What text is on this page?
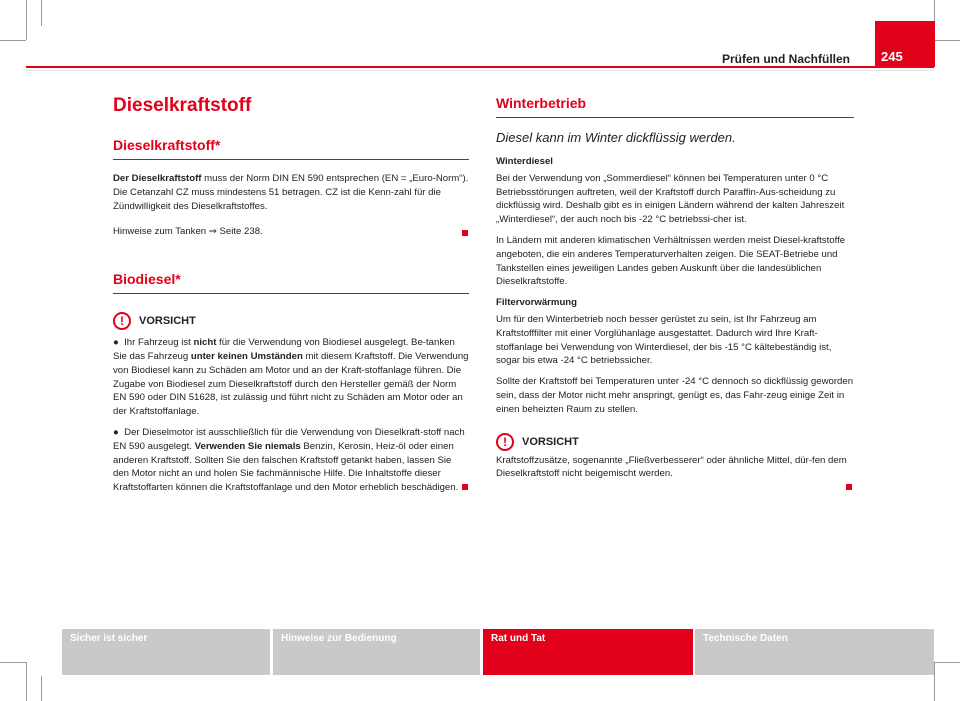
Prüfen und Nachfüllen 245
Dieselkraftstoff
Dieselkraftstoff*

Der Dieselkraftstoff muss der Norm DIN EN 590 entsprechen (EN = „Euro-Norm“). Die Cetanzahl CZ muss mindestens 51 betragen. CZ ist die Kenn-zahl für die Zündwilligkeit des Dieselkraftstoffes.

Hinweise zum Tanken ⇒ Seite 238.

Biodiesel*
!	VORSICHT

●  Ihr Fahrzeug ist nicht für die Verwendung von Biodiesel ausgelegt. Be-tanken Sie das Fahrzeug unter keinen Umständen mit diesem Kraftstoff. Die Verwendung von Biodiesel kann zu Schäden am Motor und an der Kraft-stoffanlage führen. Die Zugabe von Biodiesel zum Dieselkraftstoff durch den Hersteller gemäß der Norm EN 590 oder DIN 51628, ist zulässig und führt nicht zu Schäden am Motor oder an der Kraftstoffanlage.

●  Der Dieselmotor ist ausschließlich für die Verwendung von Dieselkraft-stoff nach EN 590 ausgelegt. Verwenden Sie niemals Benzin, Kerosin, Heiz-öl oder einen anderen Kraftstoff. Sollten Sie den falschen Kraftstoff getankt haben, lassen Sie den Motor nicht an und holen Sie fachmännische Hilfe. Die Inhaltstoffe dieser Kraftstoffarten können die Kraftstoffanlage und den Motor erheblich beschädigen.

Winterbetrieb
Diesel kann im Winter dickflüssig werden.

Winterdiesel

Bei der Verwendung von „Sommerdiesel“ können bei Temperaturen unter 0 °C Betriebsstörungen auftreten, weil der Kraftstoff durch Paraffin-Aus-scheidung zu dickflüssig wird. Deshalb gibt es in einigen Ländern während der kalten Jahreszeit „Winterdiesel“, der auch noch bis -22 °C betriebssi-cher ist.

In Ländern mit anderen klimatischen Verhältnissen werden meist Diesel-kraftstoffe angeboten, die ein anderes Temperaturverhalten zeigen. Die SEAT-Betriebe und Tankstellen eines jeweiligen Landes geben Auskunft über die landesüblichen Dieselkraftstoffe.

Filtervorwärmung

Um für den Winterbetrieb noch besser gerüstet zu sein, ist Ihr Fahrzeug am Kraftstofffilter mit einer Vorglühanlage ausgestattet. Dadurch wird Ihre Kraft-stoffanlage bei Verwendung von Winterdiesel, der bis -15 °C kältebeständig ist, sogar bis etwa -24 °C betriebssicher.

Sollte der Kraftstoff bei Temperaturen unter -24 °C dennoch so dickflüssig geworden sein, dass der Motor nicht mehr anspringt, genügt es, das Fahr-zeug einige Zeit in einen beheizten Raum zu stellen.

!	VORSICHT

Kraftstoffzusätze, sogenannte „Fließverbesserer“ oder ähnliche Mittel, dür-fen dem Dieselkraftstoff nicht beigemischt werden.

Sicher ist sicher	Hinweise zur Bedienung	Rat und Tat	Technische Daten
